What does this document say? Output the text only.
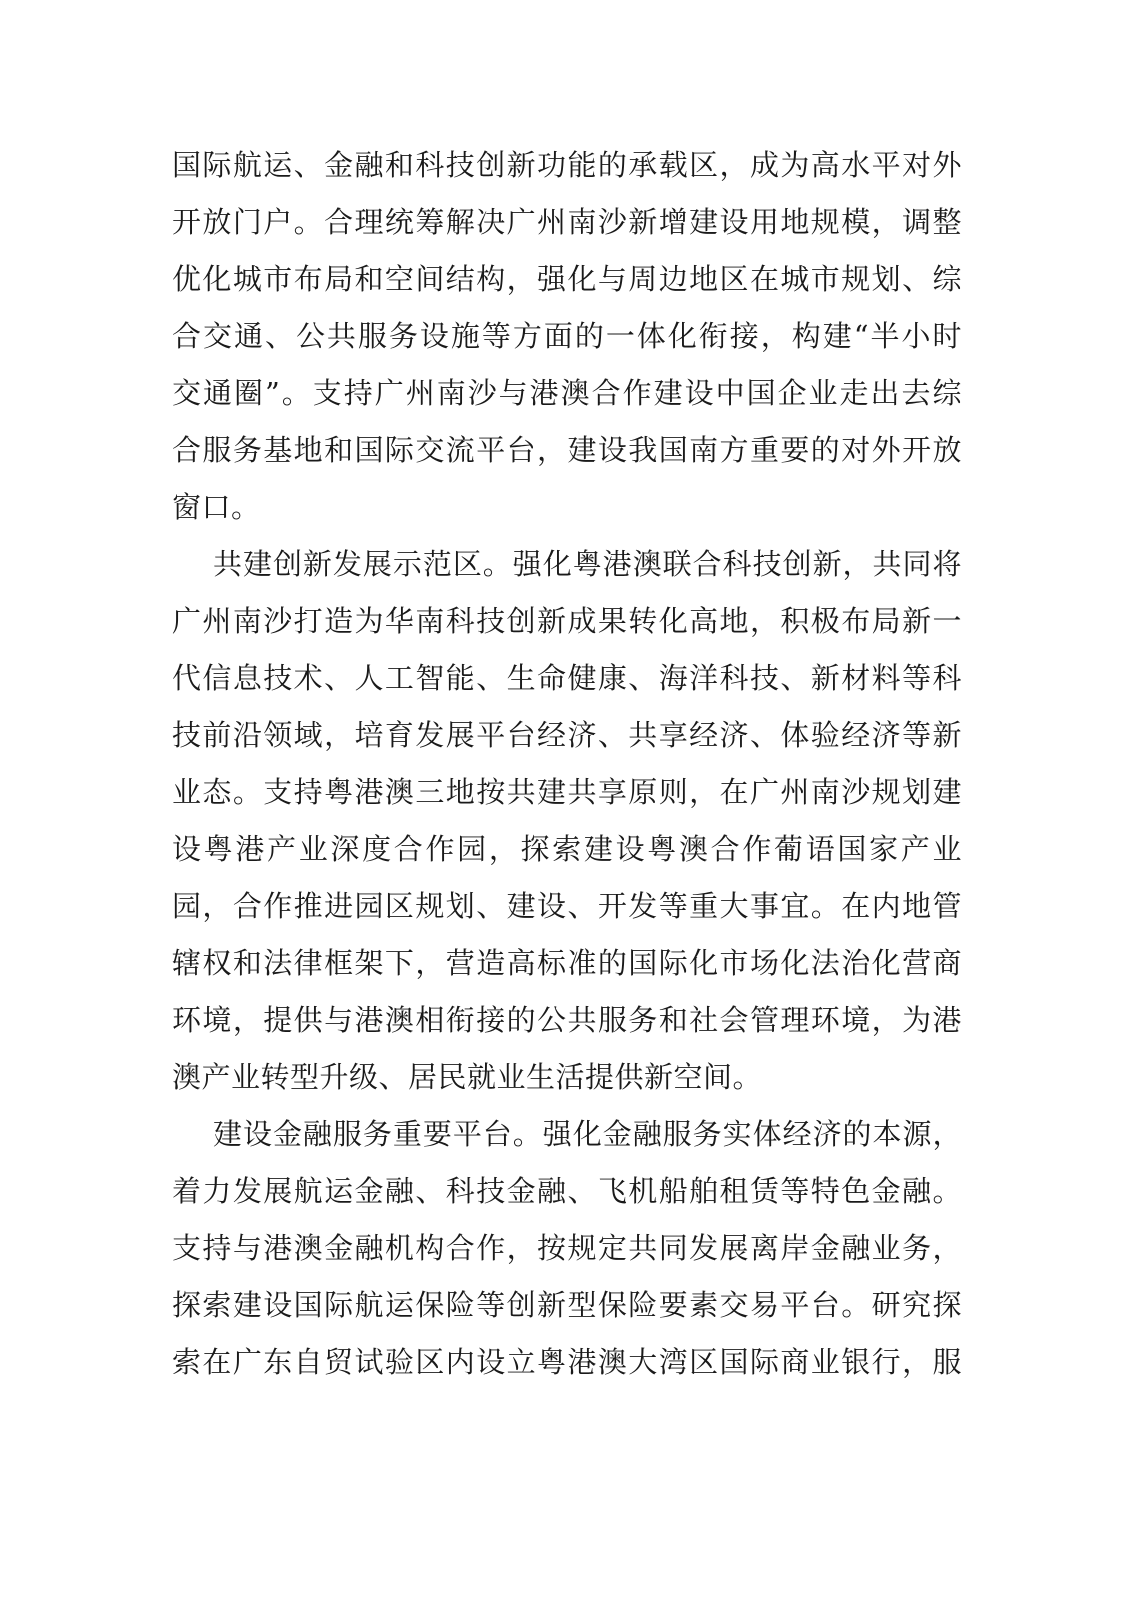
国际航运、金融和科技创新功能的承载区，成为高水平对外
开放门户。合理统筹解决广州南沙新增建设用地规模，调整
优化城市布局和空间结构，强化与周边地区在城市规划、综
合交通、公共服务设施等方面的一体化衔接，构建“半小时
交通圈”。支持广州南沙与港澳合作建设中国企业走出去综
合服务基地和国际交流平台，建设我国南方重要的对外开放
窗口。
共建创新发展示范区。强化粤港澳联合科技创新，共同将
广州南沙打造为华南科技创新成果转化高地，积极布局新一
代信息技术、人工智能、生命健康、海洋科技、新材料等科
技前沿领域，培育发展平台经济、共享经济、体验经济等新
业态。支持粤港澳三地按共建共享原则，在广州南沙规划建
设粤港产业深度合作园，探索建设粤澳合作葡语国家产业
园，合作推进园区规划、建设、开发等重大事宜。在内地管
辖权和法律框架下，营造高标准的国际化市场化法治化营商
环境，提供与港澳相衔接的公共服务和社会管理环境，为港
澳产业转型升级、居民就业生活提供新空间。
建设金融服务重要平台。强化金融服务实体经济的本源，
着力发展航运金融、科技金融、飞机船舶租赁等特色金融。
支持与港澳金融机构合作，按规定共同发展离岸金融业务，
探索建设国际航运保险等创新型保险要素交易平台。研究探
索在广东自贸试验区内设立粤港澳大湾区国际商业银行，服
